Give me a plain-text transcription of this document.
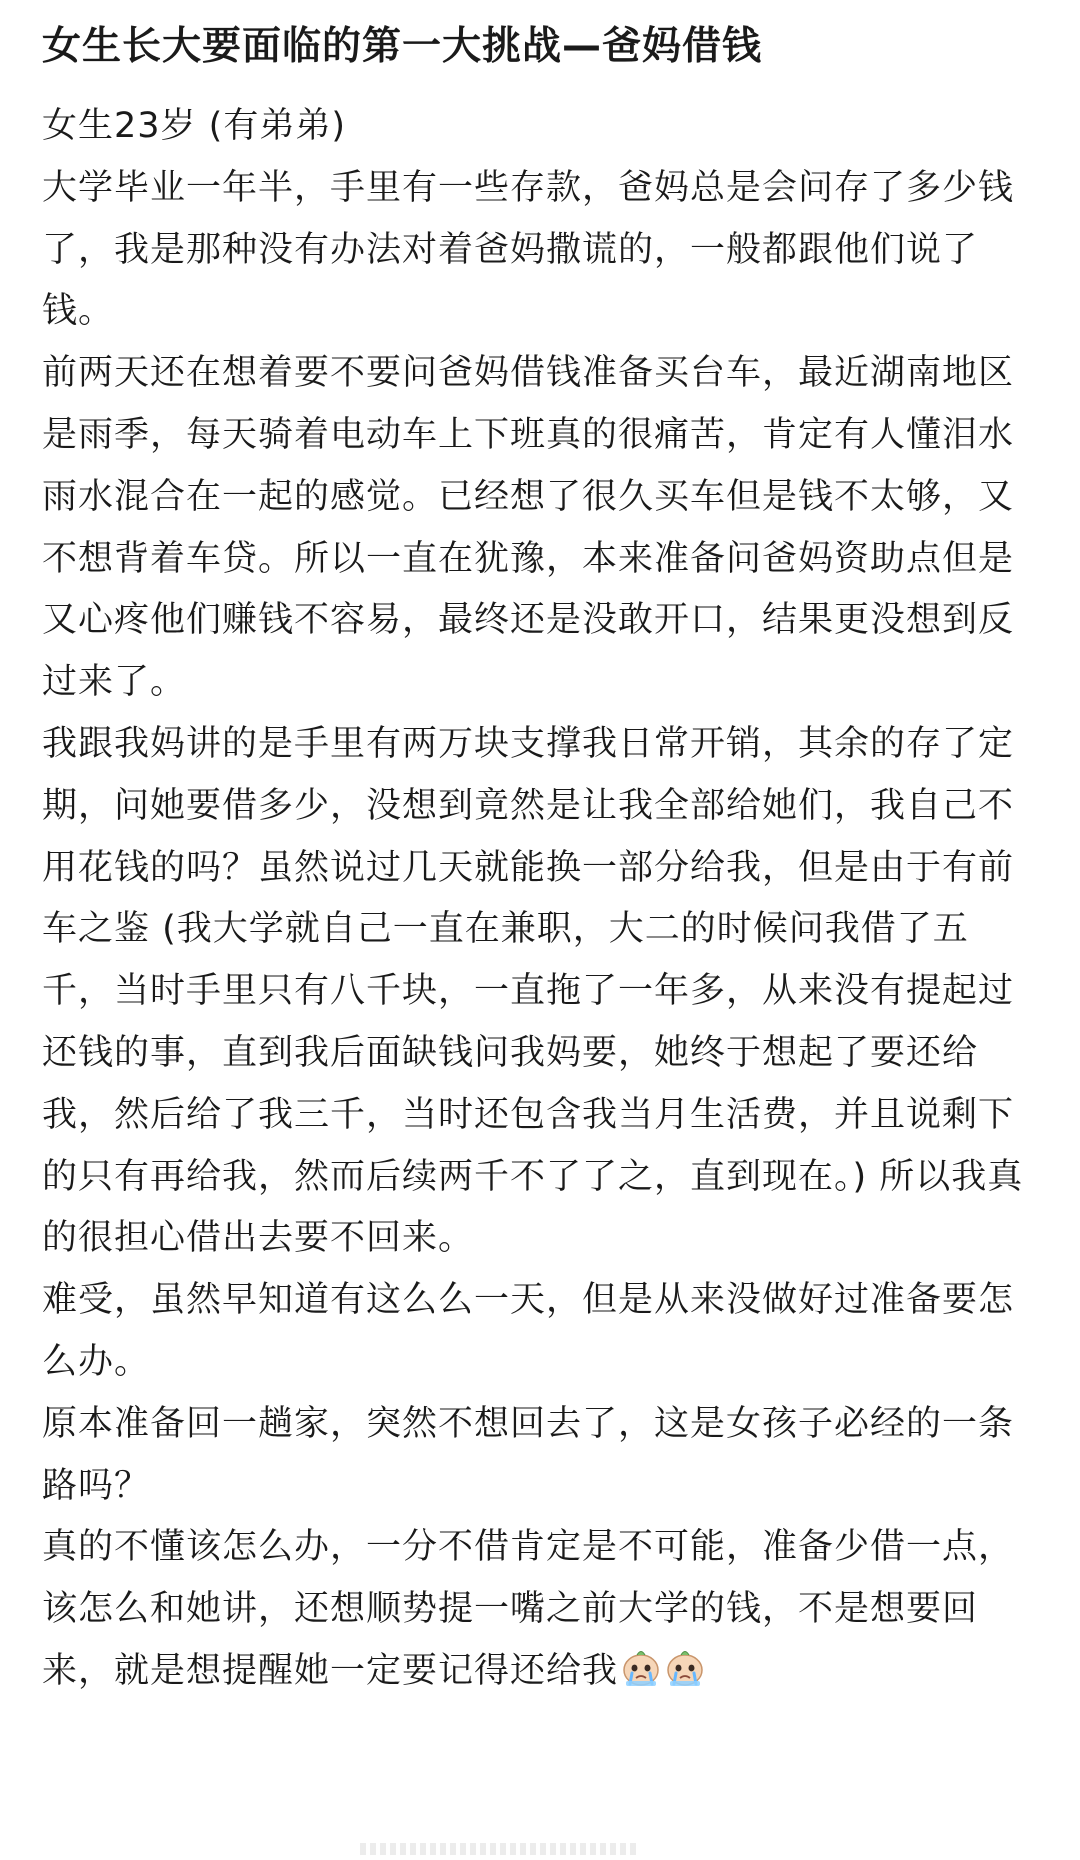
女生长大要面临的第一大挑战—爸妈借钱

女生23岁 (有弟弟)

大学毕业一年半，手里有一些存款，爸妈总是会问存了多少钱了，我是那种没有办法对着爸妈撒谎的，一般都跟他们说了钱。

前两天还在想着要不要问爸妈借钱准备买台车，最近湖南地区是雨季，每天骑着电动车上下班真的很痛苦，肯定有人懂泪水雨水混合在一起的感觉。已经想了很久买车但是钱不太够，又不想背着车贷。所以一直在犹豫，本来准备问爸妈资助点但是又心疼他们赚钱不容易，最终还是没敢开口，结果更没想到反过来了。

我跟我妈讲的是手里有两万块支撑我日常开销，其余的存了定期，问她要借多少，没想到竟然是让我全部给她们，我自己不用花钱的吗？虽然说过几天就能换一部分给我，但是由于有前车之鉴 (我大学就自己一直在兼职，大二的时候问我借了五千，当时手里只有八千块，一直拖了一年多，从来没有提起过还钱的事，直到我后面缺钱问我妈要，她终于想起了要还给我，然后给了我三千，当时还包含我当月生活费，并且说剩下的只有再给我，然而后续两千不了了之，直到现在。) 所以我真的很担心借出去要不回来。

难受，虽然早知道有这么么一天，但是从来没做好过准备要怎么办。

原本准备回一趟家，突然不想回去了，这是女孩子必经的一条路吗？

真的不懂该怎么办，一分不借肯定是不可能，准备少借一点，该怎么和她讲，还想顺势提一嘴之前大学的钱，不是想要回来，就是想提醒她一定要记得还给我
